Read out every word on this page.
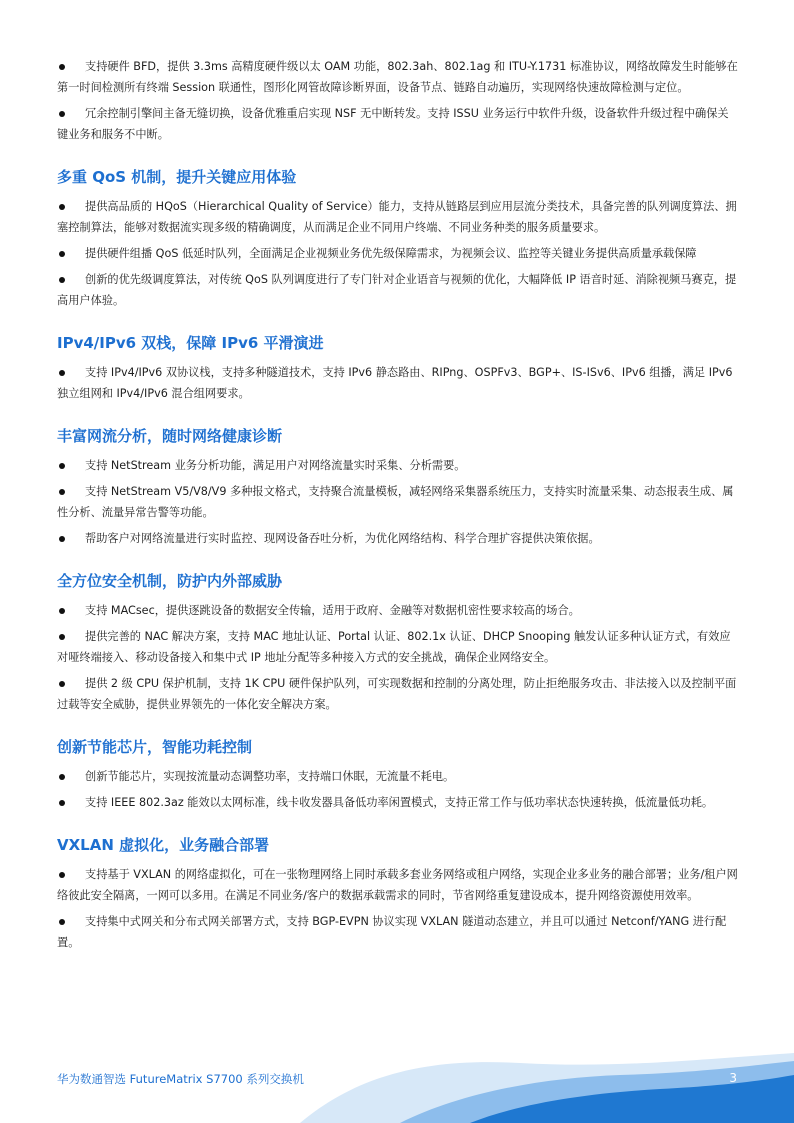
支持硬件 BFD，提供 3.3ms 高精度硬件级以太 OAM 功能，802.3ah、802.1ag 和 ITU-Y.1731 标准协议，网络故障发生时能够在第一时间检测所有终端 Session 联通性，图形化网管故障诊断界面，设备节点、链路自动遍历，实现网络快速故障检测与定位。

冗余控制引擎间主备无缝切换，设备优雅重启实现 NSF 无中断转发。支持 ISSU 业务运行中软件升级，设备软件升级过程中确保关键业务和服务不中断。

多重 QoS 机制，提升关键应用体验

提供高品质的 HQoS（Hierarchical Quality of Service）能力，支持从链路层到应用层流分类技术，具备完善的队列调度算法、拥塞控制算法，能够对数据流实现多级的精确调度，从而满足企业不同用户终端、不同业务种类的服务质量要求。

提供硬件组播 QoS 低延时队列，全面满足企业视频业务优先级保障需求，为视频会议、监控等关键业务提供高质量承载保障

创新的优先级调度算法，对传统 QoS 队列调度进行了专门针对企业语音与视频的优化，大幅降低 IP 语音时延、消除视频马赛克，提高用户体验。

IPv4/IPv6 双栈，保障 IPv6 平滑演进

支持 IPv4/IPv6 双协议栈，支持多种隧道技术，支持 IPv6 静态路由、RIPng、OSPFv3、BGP+、IS-ISv6、IPv6 组播，满足 IPv6 独立组网和 IPv4/IPv6 混合组网要求。

丰富网流分析，随时网络健康诊断

支持 NetStream 业务分析功能，满足用户对网络流量实时采集、分析需要。

支持 NetStream V5/V8/V9 多种报文格式，支持聚合流量模板，减轻网络采集器系统压力，支持实时流量采集、动态报表生成、属性分析、流量异常告警等功能。

帮助客户对网络流量进行实时监控、现网设备吞吐分析，为优化网络结构、科学合理扩容提供决策依据。

全方位安全机制，防护内外部威胁

支持 MACsec，提供逐跳设备的数据安全传输，适用于政府、金融等对数据机密性要求较高的场合。

提供完善的 NAC 解决方案，支持 MAC 地址认证、Portal 认证、802.1x 认证、DHCP Snooping 触发认证多种认证方式，有效应对哑终端接入、移动设备接入和集中式 IP 地址分配等多种接入方式的安全挑战，确保企业网络安全。

提供 2 级 CPU 保护机制，支持 1K CPU 硬件保护队列，可实现数据和控制的分离处理，防止拒绝服务攻击、非法接入以及控制平面过载等安全威胁，提供业界领先的一体化安全解决方案。

创新节能芯片，智能功耗控制

创新节能芯片，实现按流量动态调整功率，支持端口休眠，无流量不耗电。

支持 IEEE 802.3az 能效以太网标准，线卡收发器具备低功率闲置模式，支持正常工作与低功率状态快速转换，低流量低功耗。

VXLAN 虚拟化，业务融合部署

支持基于 VXLAN 的网络虚拟化，可在一张物理网络上同时承载多套业务网络或租户网络，实现企业多业务的融合部署；业务/租户网络彼此安全隔离，一网可以多用。在满足不同业务/客户的数据承载需求的同时，节省网络重复建设成本，提升网络资源使用效率。

支持集中式网关和分布式网关部署方式，支持 BGP-EVPN 协议实现 VXLAN 隧道动态建立，并且可以通过 Netconf/YANG 进行配置。

华为数通智选 FutureMatrix S7700 系列交换机	3
